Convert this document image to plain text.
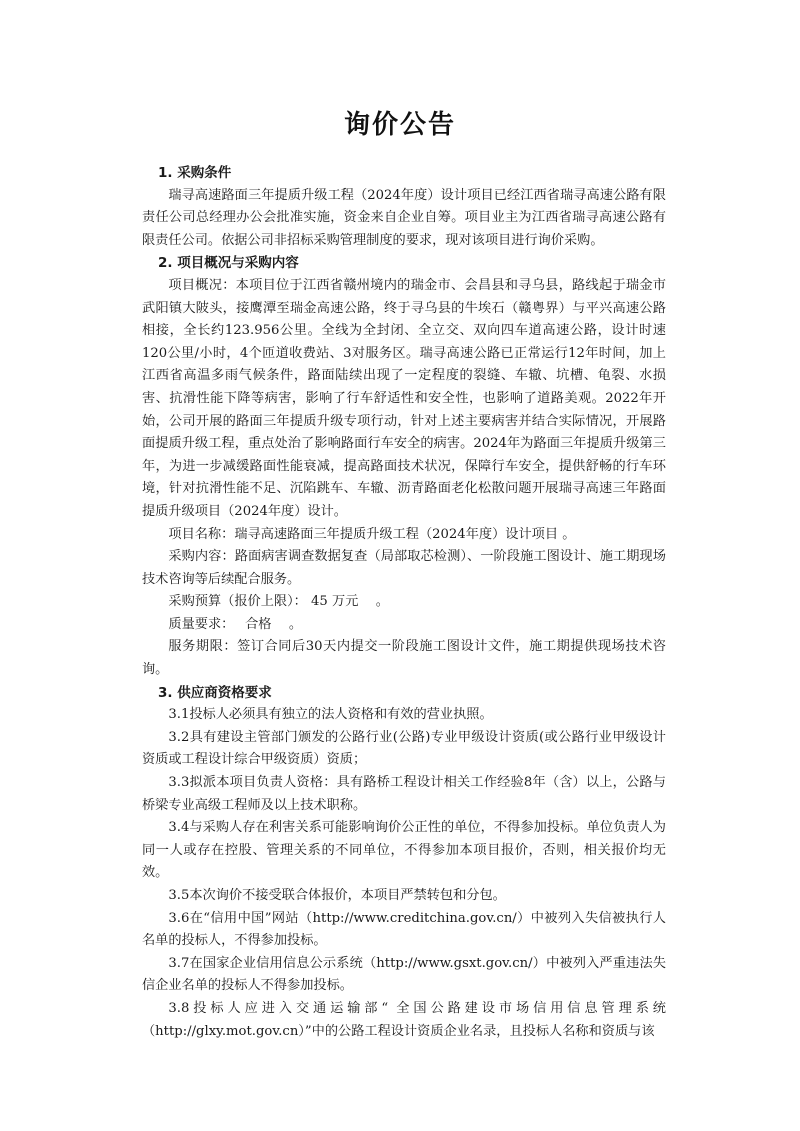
询价公告

1. 采购条件

瑞寻高速路面三年提质升级工程（2024年度）设计项目已经江西省瑞寻高速公路有限责任公司总经理办公会批准实施，资金来自企业自筹。项目业主为江西省瑞寻高速公路有限责任公司。依据公司非招标采购管理制度的要求，现对该项目进行询价采购。

2. 项目概况与采购内容

项目概况：本项目位于江西省赣州境内的瑞金市、会昌县和寻乌县，路线起于瑞金市武阳镇大陂头，接鹰潭至瑞金高速公路，终于寻乌县的牛埃石（赣粤界）与平兴高速公路相接，全长约123.956公里。全线为全封闭、全立交、双向四车道高速公路，设计时速120公里/小时，4个匝道收费站、3对服务区。瑞寻高速公路已正常运行12年时间，加上江西省高温多雨气候条件，路面陆续出现了一定程度的裂缝、车辙、坑槽、龟裂、水损害、抗滑性能下降等病害，影响了行车舒适性和安全性，也影响了道路美观。2022年开始，公司开展的路面三年提质升级专项行动，针对上述主要病害并结合实际情况，开展路面提质升级工程，重点处治了影响路面行车安全的病害。2024年为路面三年提质升级第三年，为进一步减缓路面性能衰减，提高路面技术状况，保障行车安全，提供舒畅的行车环境，针对抗滑性能不足、沉陷跳车、车辙、沥青路面老化松散问题开展瑞寻高速三年路面提质升级项目（2024年度）设计。

项目名称：瑞寻高速路面三年提质升级工程（2024年度）设计项目 。

采购内容：路面病害调查数据复查（局部取芯检测）、一阶段施工图设计、施工期现场技术咨询等后续配合服务。

采购预算（报价上限）： 45 万元 　。

质量要求：　 合格　 。

服务期限：签订合同后30天内提交一阶段施工图设计文件，施工期提供现场技术咨询。

3. 供应商资格要求

3.1投标人必须具有独立的法人资格和有效的营业执照。

3.2具有建设主管部门颁发的公路行业(公路)专业甲级设计资质(或公路行业甲级设计资质或工程设计综合甲级资质）资质；

3.3拟派本项目负责人资格：具有路桥工程设计相关工作经验8年（含）以上，公路与桥梁专业高级工程师及以上技术职称。

3.4与采购人存在利害关系可能影响询价公正性的单位，不得参加投标。单位负责人为同一人或存在控股、管理关系的不同单位，不得参加本项目报价，否则，相关报价均无效。

3.5本次询价不接受联合体报价，本项目严禁转包和分包。

3.6在“信用中国”网站（http://www.creditchina.gov.cn/）中被列入失信被执行人名单的投标人，不得参加投标。

3.7在国家企业信用信息公示系统（http://www.gsxt.gov.cn/）中被列入严重违法失信企业名单的投标人不得参加投标。

3.8投标人应进入交通运输部“ 全国公路建设市场信用信息管理系统（http://glxy.mot.gov.cn）”中的公路工程设计资质企业名录，且投标人名称和资质与该
